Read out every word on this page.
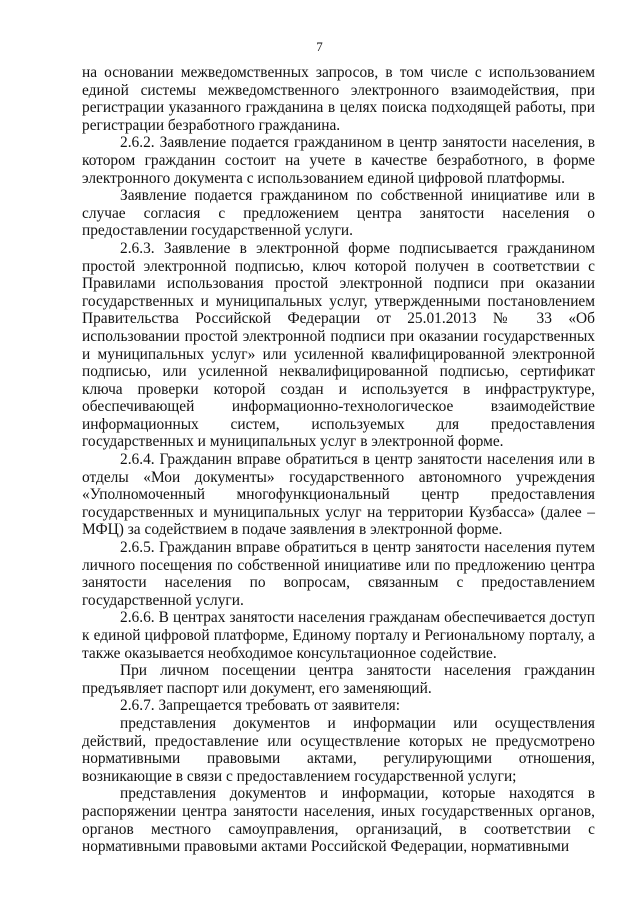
7

на основании межведомственных запросов, в том числе с использованием единой системы межведомственного электронного взаимодействия, при регистрации указанного гражданина в целях поиска подходящей работы, при регистрации безработного гражданина.

2.6.2. Заявление подается гражданином в центр занятости населения, в котором гражданин состоит на учете в качестве безработного, в форме электронного документа с использованием единой цифровой платформы.

Заявление подается гражданином по собственной инициативе или в случае согласия с предложением центра занятости населения о предоставлении государственной услуги.

2.6.3. Заявление в электронной форме подписывается гражданином простой электронной подписью, ключ которой получен в соответствии с Правилами использования простой электронной подписи при оказании государственных и муниципальных услуг, утвержденными постановлением Правительства Российской Федерации от 25.01.2013 № 33 «Об использовании простой электронной подписи при оказании государственных и муниципальных услуг» или усиленной квалифицированной электронной подписью, или усиленной неквалифицированной подписью, сертификат ключа проверки которой создан и используется в инфраструктуре, обеспечивающей информационно-технологическое взаимодействие информационных систем, используемых для предоставления государственных и муниципальных услуг в электронной форме.

2.6.4. Гражданин вправе обратиться в центр занятости населения или в отделы «Мои документы» государственного автономного учреждения «Уполномоченный многофункциональный центр предоставления государственных и муниципальных услуг на территории Кузбасса» (далее – МФЦ) за содействием в подаче заявления в электронной форме.

2.6.5. Гражданин вправе обратиться в центр занятости населения путем личного посещения по собственной инициативе или по предложению центра занятости населения по вопросам, связанным с предоставлением государственной услуги.

2.6.6. В центрах занятости населения гражданам обеспечивается доступ к единой цифровой платформе, Единому порталу и Региональному порталу, а также оказывается необходимое консультационное содействие.

При личном посещении центра занятости населения гражданин предъявляет паспорт или документ, его заменяющий.

2.6.7. Запрещается требовать от заявителя:

представления документов и информации или осуществления действий, предоставление или осуществление которых не предусмотрено нормативными правовыми актами, регулирующими отношения, возникающие в связи с предоставлением государственной услуги;

представления документов и информации, которые находятся в распоряжении центра занятости населения, иных государственных органов, органов местного самоуправления, организаций, в соответствии с нормативными правовыми актами Российской Федерации, нормативными
